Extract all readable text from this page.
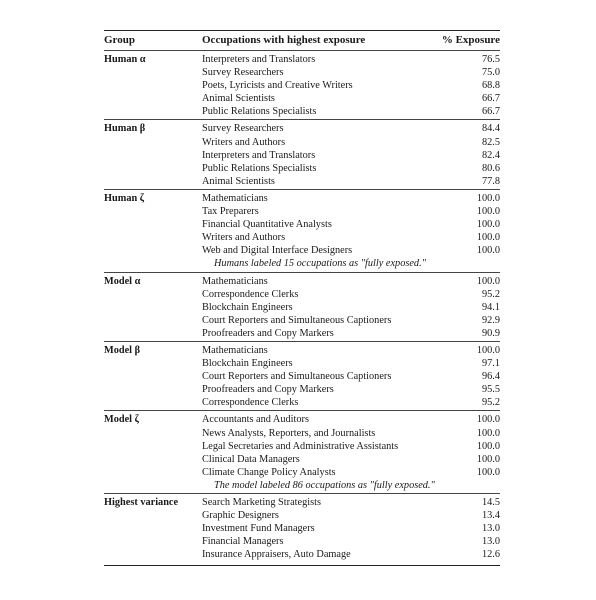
Group	Occupations with highest exposure	% Exposure
Human α	Interpreters and Translators	76.5
Survey Researchers	75.0
Poets, Lyricists and Creative Writers	68.8
Animal Scientists	66.7
Public Relations Specialists	66.7
Human β	Survey Researchers	84.4
Writers and Authors	82.5
Interpreters and Translators	82.4
Public Relations Specialists	80.6
Animal Scientists	77.8
Human ζ	Mathematicians	100.0
Tax Preparers	100.0
Financial Quantitative Analysts	100.0
Writers and Authors	100.0
Web and Digital Interface Designers	100.0
Humans labeled 15 occupations as "fully exposed."
Model α	Mathematicians	100.0
Correspondence Clerks	95.2
Blockchain Engineers	94.1
Court Reporters and Simultaneous Captioners	92.9
Proofreaders and Copy Markers	90.9
Model β	Mathematicians	100.0
Blockchain Engineers	97.1
Court Reporters and Simultaneous Captioners	96.4
Proofreaders and Copy Markers	95.5
Correspondence Clerks	95.2
Model ζ	Accountants and Auditors	100.0
News Analysts, Reporters, and Journalists	100.0
Legal Secretaries and Administrative Assistants	100.0
Clinical Data Managers	100.0
Climate Change Policy Analysts	100.0
The model labeled 86 occupations as "fully exposed."
Highest variance	Search Marketing Strategists	14.5
Graphic Designers	13.4
Investment Fund Managers	13.0
Financial Managers	13.0
Insurance Appraisers, Auto Damage	12.6
